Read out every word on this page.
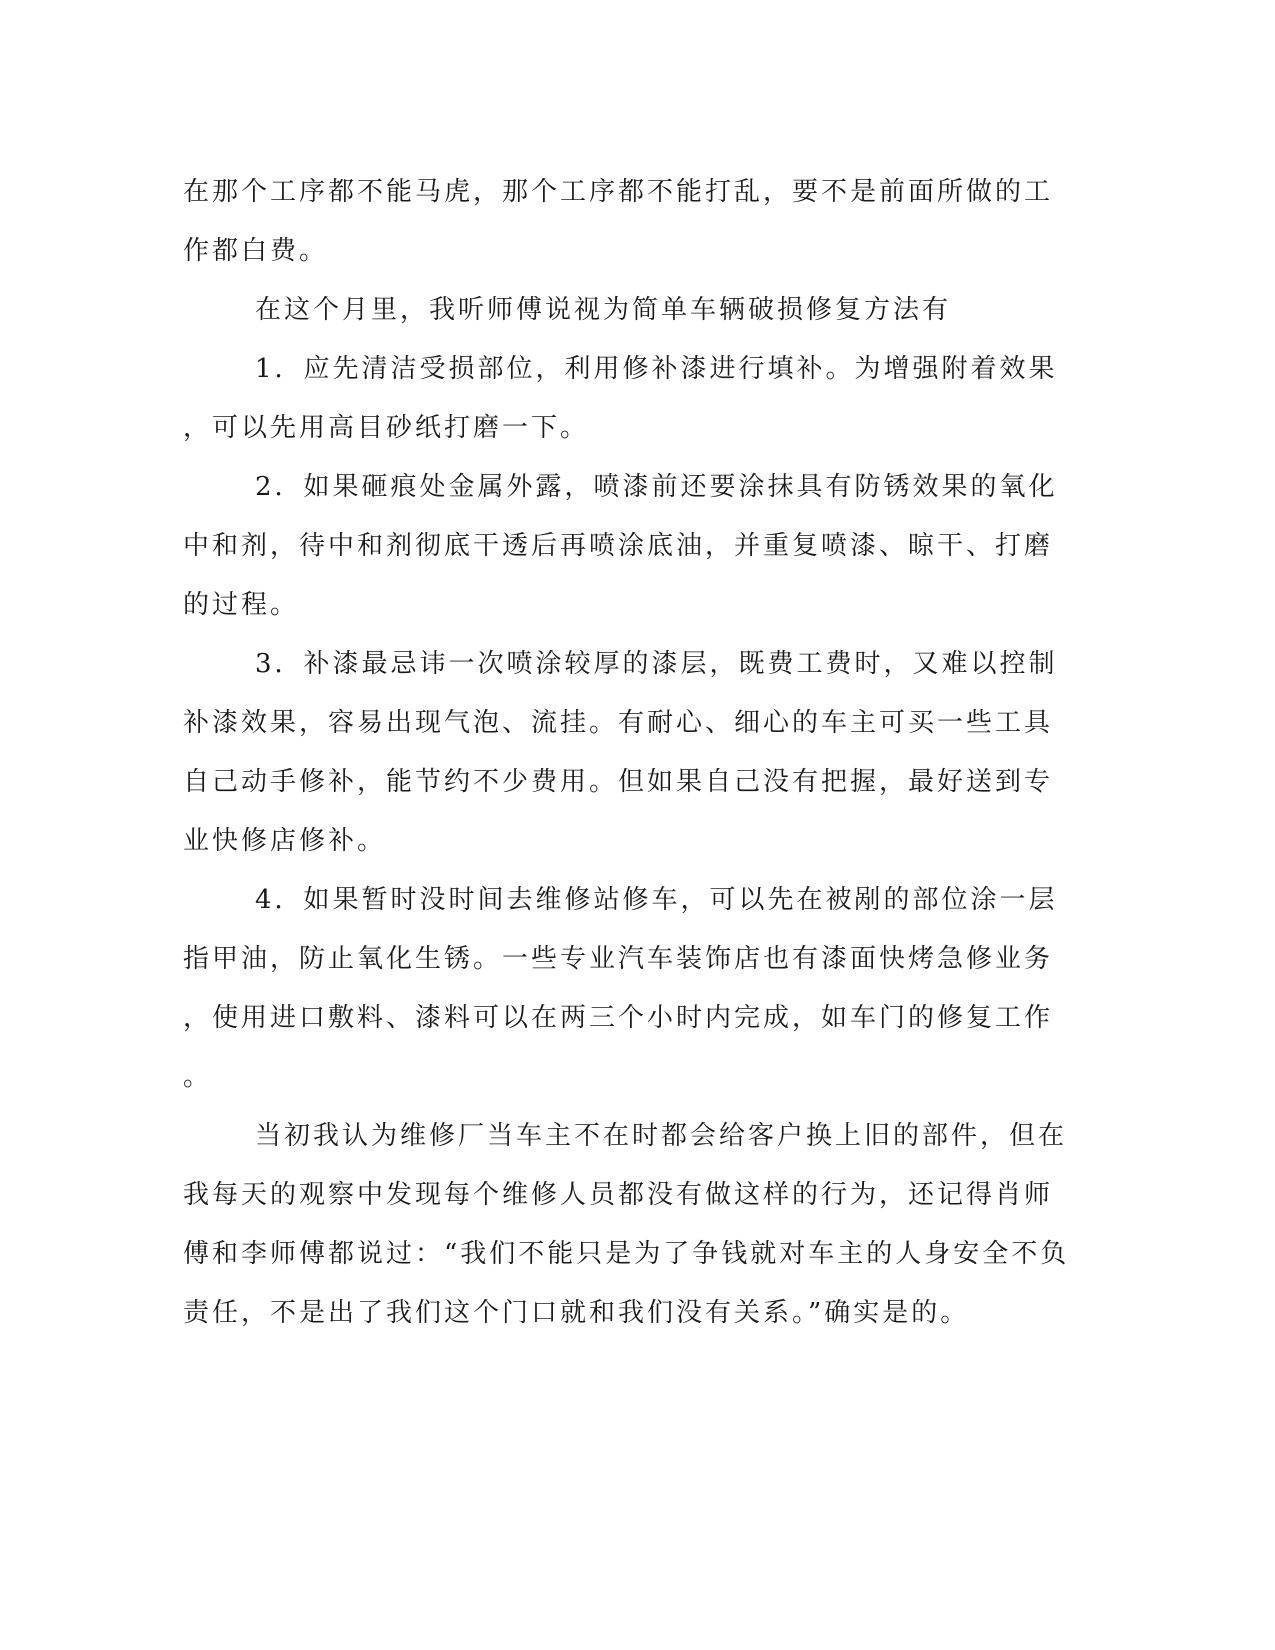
在那个工序都不能马虎，那个工序都不能打乱，要不是前面所做的工
作都白费。
在这个月里，我听师傅说视为简单车辆破损修复方法有
1．应先清洁受损部位，利用修补漆进行填补。为增强附着效果
，可以先用高目砂纸打磨一下。
2．如果砸痕处金属外露，喷漆前还要涂抹具有防锈效果的氧化
中和剂，待中和剂彻底干透后再喷涂底油，并重复喷漆、晾干、打磨
的过程。
3．补漆最忌讳一次喷涂较厚的漆层，既费工费时，又难以控制
补漆效果，容易出现气泡、流挂。有耐心、细心的车主可买一些工具
自己动手修补，能节约不少费用。但如果自己没有把握，最好送到专
业快修店修补。
4．如果暂时没时间去维修站修车，可以先在被剐的部位涂一层
指甲油，防止氧化生锈。一些专业汽车装饰店也有漆面快烤急修业务
，使用进口敷料、漆料可以在两三个小时内完成，如车门的修复工作
。
当初我认为维修厂当车主不在时都会给客户换上旧的部件，但在
我每天的观察中发现每个维修人员都没有做这样的行为，还记得肖师
傅和李师傅都说过：“我们不能只是为了争钱就对车主的人身安全不负
责任，不是出了我们这个门口就和我们没有关系。”确实是的。
